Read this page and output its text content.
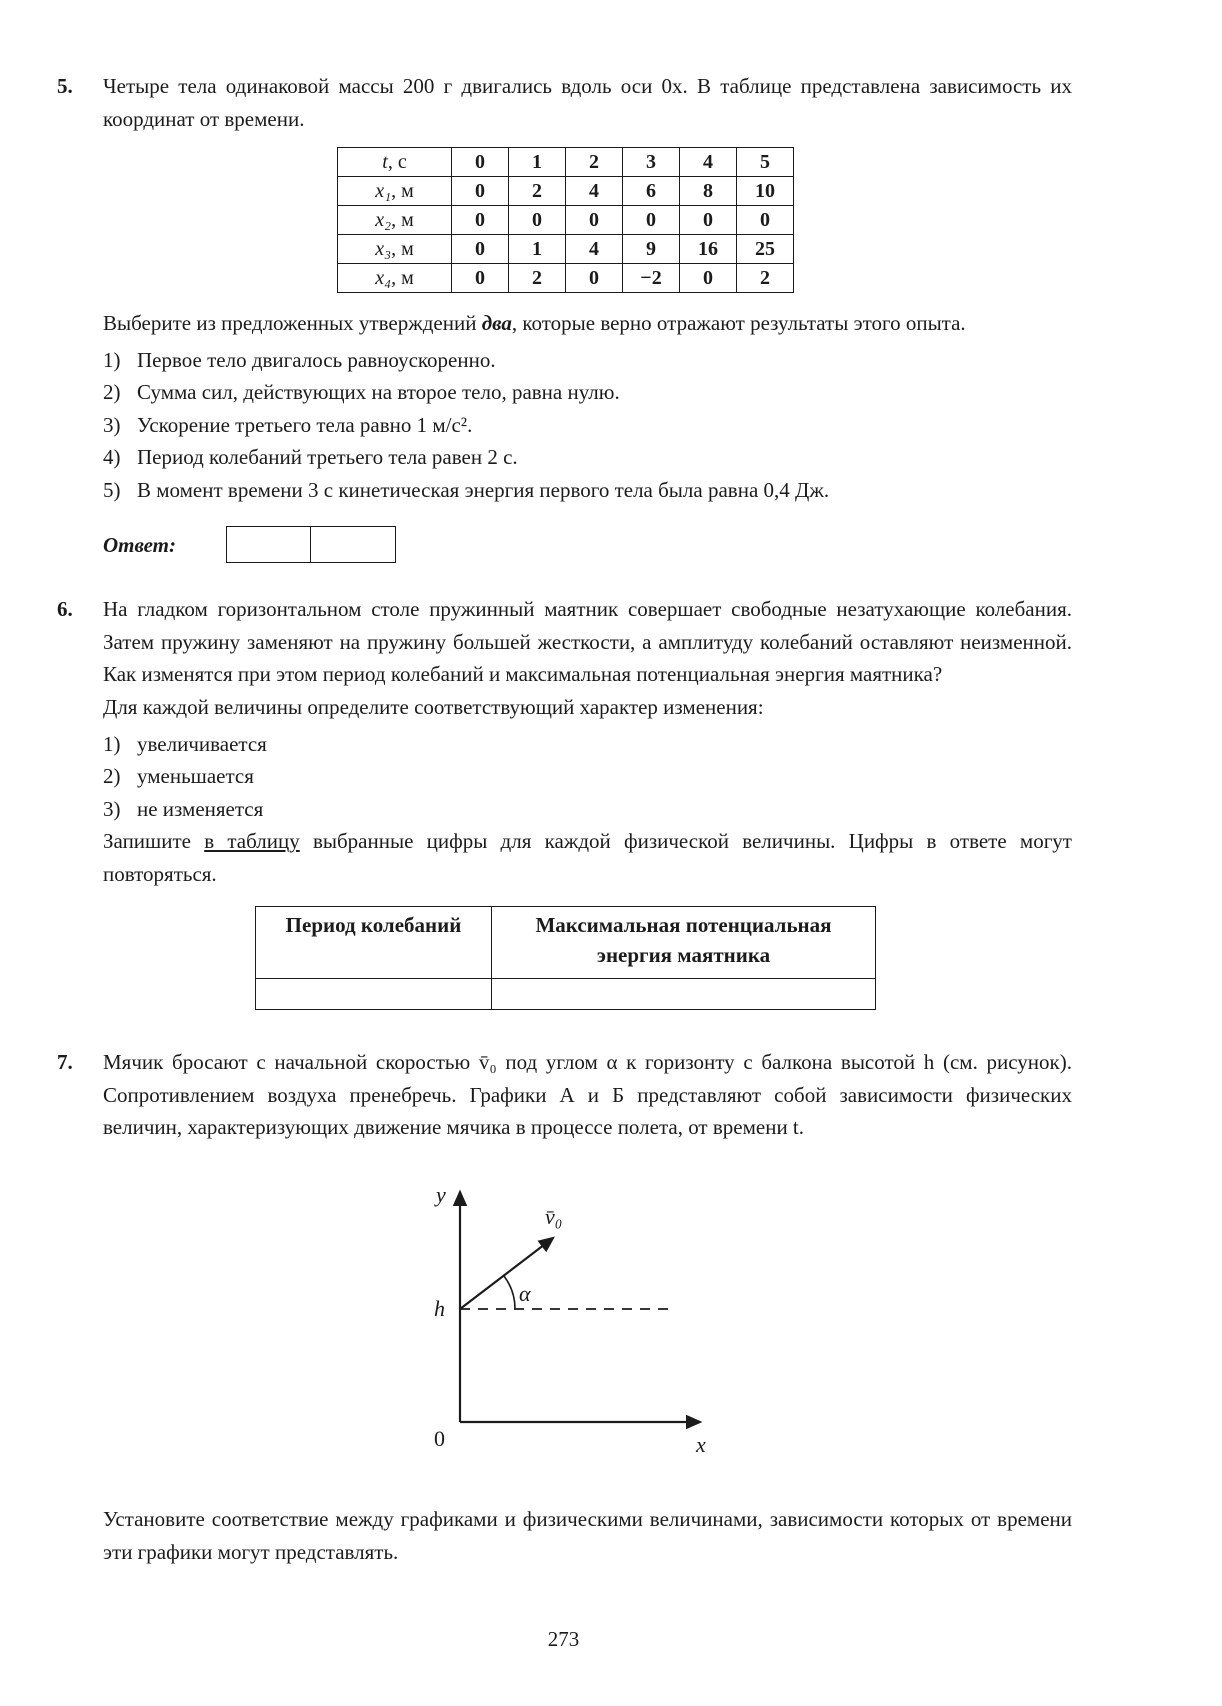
5.	Четыре тела одинаковой массы 200 г двигались вдоль оси 0x. В таблице представлена зависимость их координат от времени.

t, с	0	1	2	3	4	5
x₁, м	0	2	4	6	8	10
x₂, м	0	0	0	0	0	0
x₃, м	0	1	4	9	16	25
x₄, м	0	2	0	−2	0	2

Выберите из предложенных утверждений два, которые верно отражают результаты этого опыта.

1) Первое тело двигалось равноускоренно.
2) Сумма сил, действующих на второе тело, равна нулю.
3) Ускорение третьего тела равно 1 м/с².
4) Период колебаний третьего тела равен 2 с.
5) В момент времени 3 с кинетическая энергия первого тела была равна 0,4 Дж.
Ответ:
6.	На гладком горизонтальном столе пружинный маятник совершает свободные незатухающие колебания. Затем пружину заменяют на пружину большей жесткости, а амплитуду колебаний оставляют неизменной. Как изменятся при этом период колебаний и максимальная потенциальная энергия маятника?

Для каждой величины определите соответствующий характер изменения:

1) увеличивается
2) уменьшается
3) не изменяется

Запишите в таблицу выбранные цифры для каждой физической величины. Цифры в ответе могут повторяться.

Период колебаний	Максимальная потенциальная энергия маятника

7.	Мячик бросают с начальной скоростью v̄₀ под углом α к горизонту с балкона высотой h (см. рисунок). Сопротивлением воздуха пренебречь. Графики А и Б представляют собой зависимости физических величин, характеризующих движение мячика в процессе полета, от времени t.

y
x
0
h
v̄₀
α

Установите соответствие между графиками и физическими величинами, зависимости которых от времени эти графики могут представлять.

273
